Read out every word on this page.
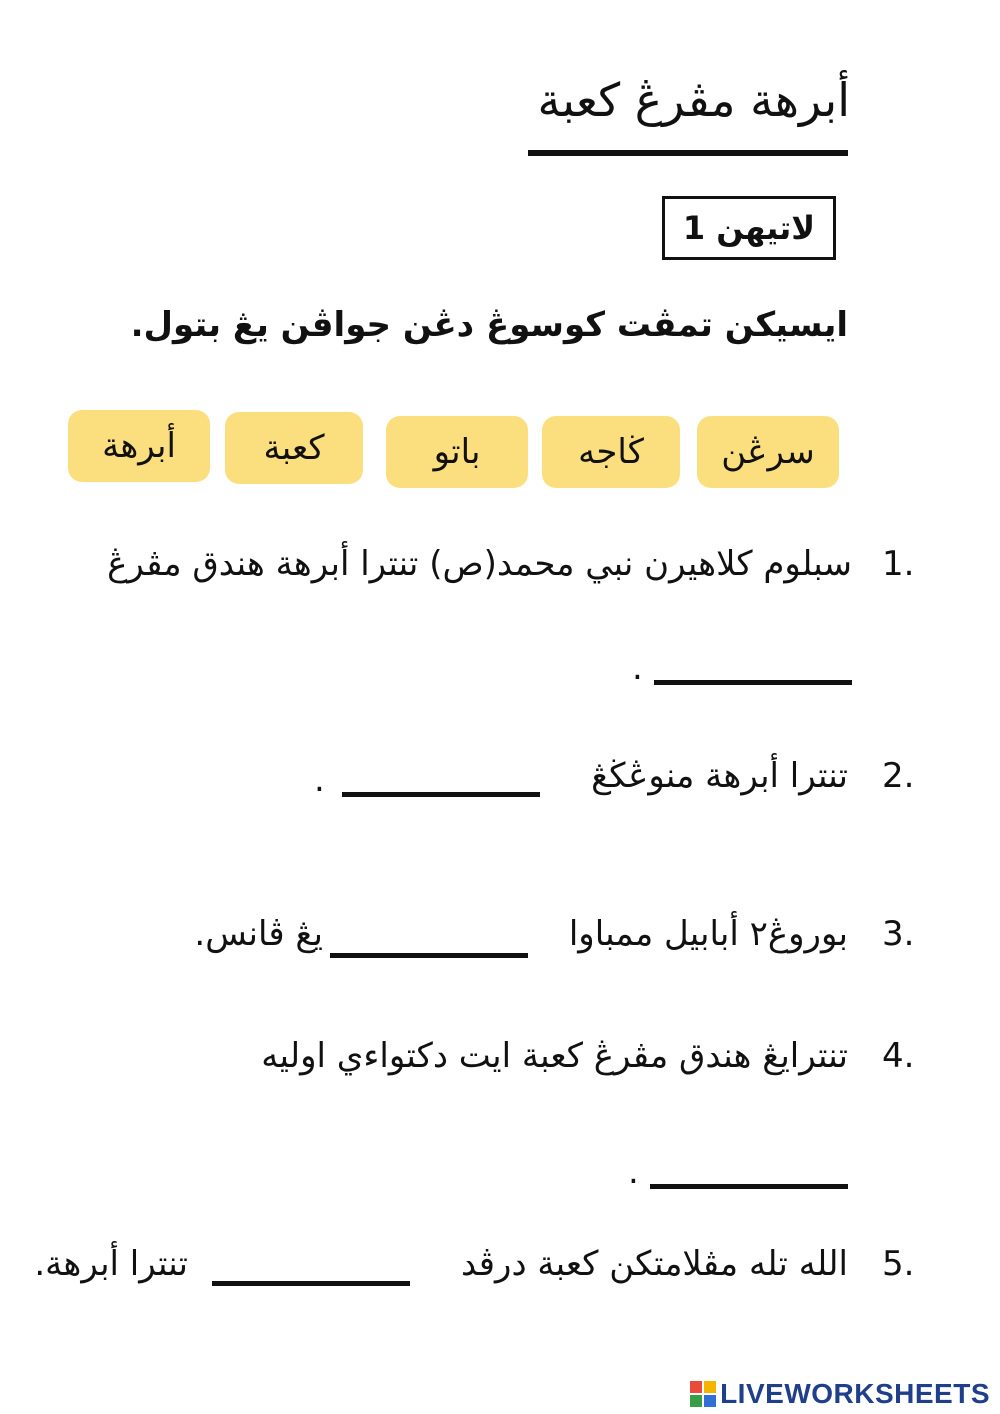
أبرهة مڤرڠ كعبة
لاتيهن 1
ايسيكن تمڤت كوسوڠ دڠن جواڤن يڠ بتول.
سرڠن
ڬاجه
باتو
كعبة
أبرهة
1.
سبلوم كلاهيرن نبي محمد(ص) تنترا أبرهة هندق مڤرڠ
.
2.
تنترا أبرهة منوڠڬڠ
.
3.
بوروڠ٢ أبابيل ممباوا
يڠ ڤانس.
4.
تنترايڠ هندق مڤرڠ كعبة ايت دكتواءي اوليه
.
5.
الله تله مڤلامتكن كعبة درڤد
تنترا أبرهة.
LIVEWORKSHEETS
